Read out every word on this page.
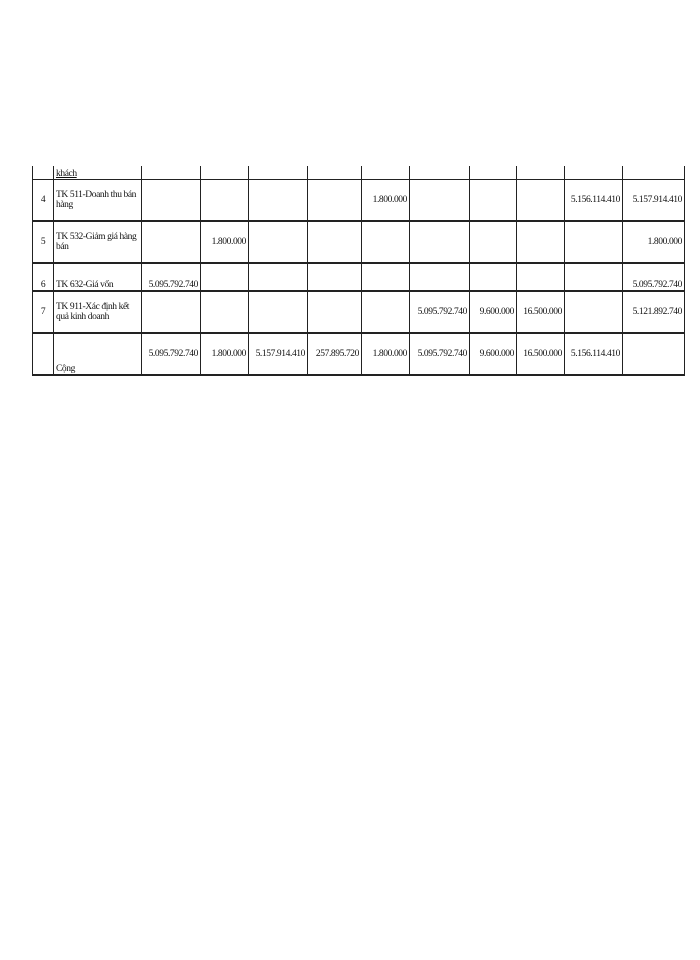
	khách										
4	TK 511-Doanh thu bán hàng					1.800.000				5.156.114.410	5.157.914.410
5	TK 532-Giảm giá hàng bán		1.800.000								1.800.000
6	TK 632-Giá vốn	5.095.792.740									5.095.792.740
7	TK 911-Xác định kết quả kinh doanh						5.095.792.740	9.600.000	16.500.000		5.121.892.740
	Cộng	5.095.792.740	1.800.000	5.157.914.410	257.895.720	1.800.000	5.095.792.740	9.600.000	16.500.000	5.156.114.410	
